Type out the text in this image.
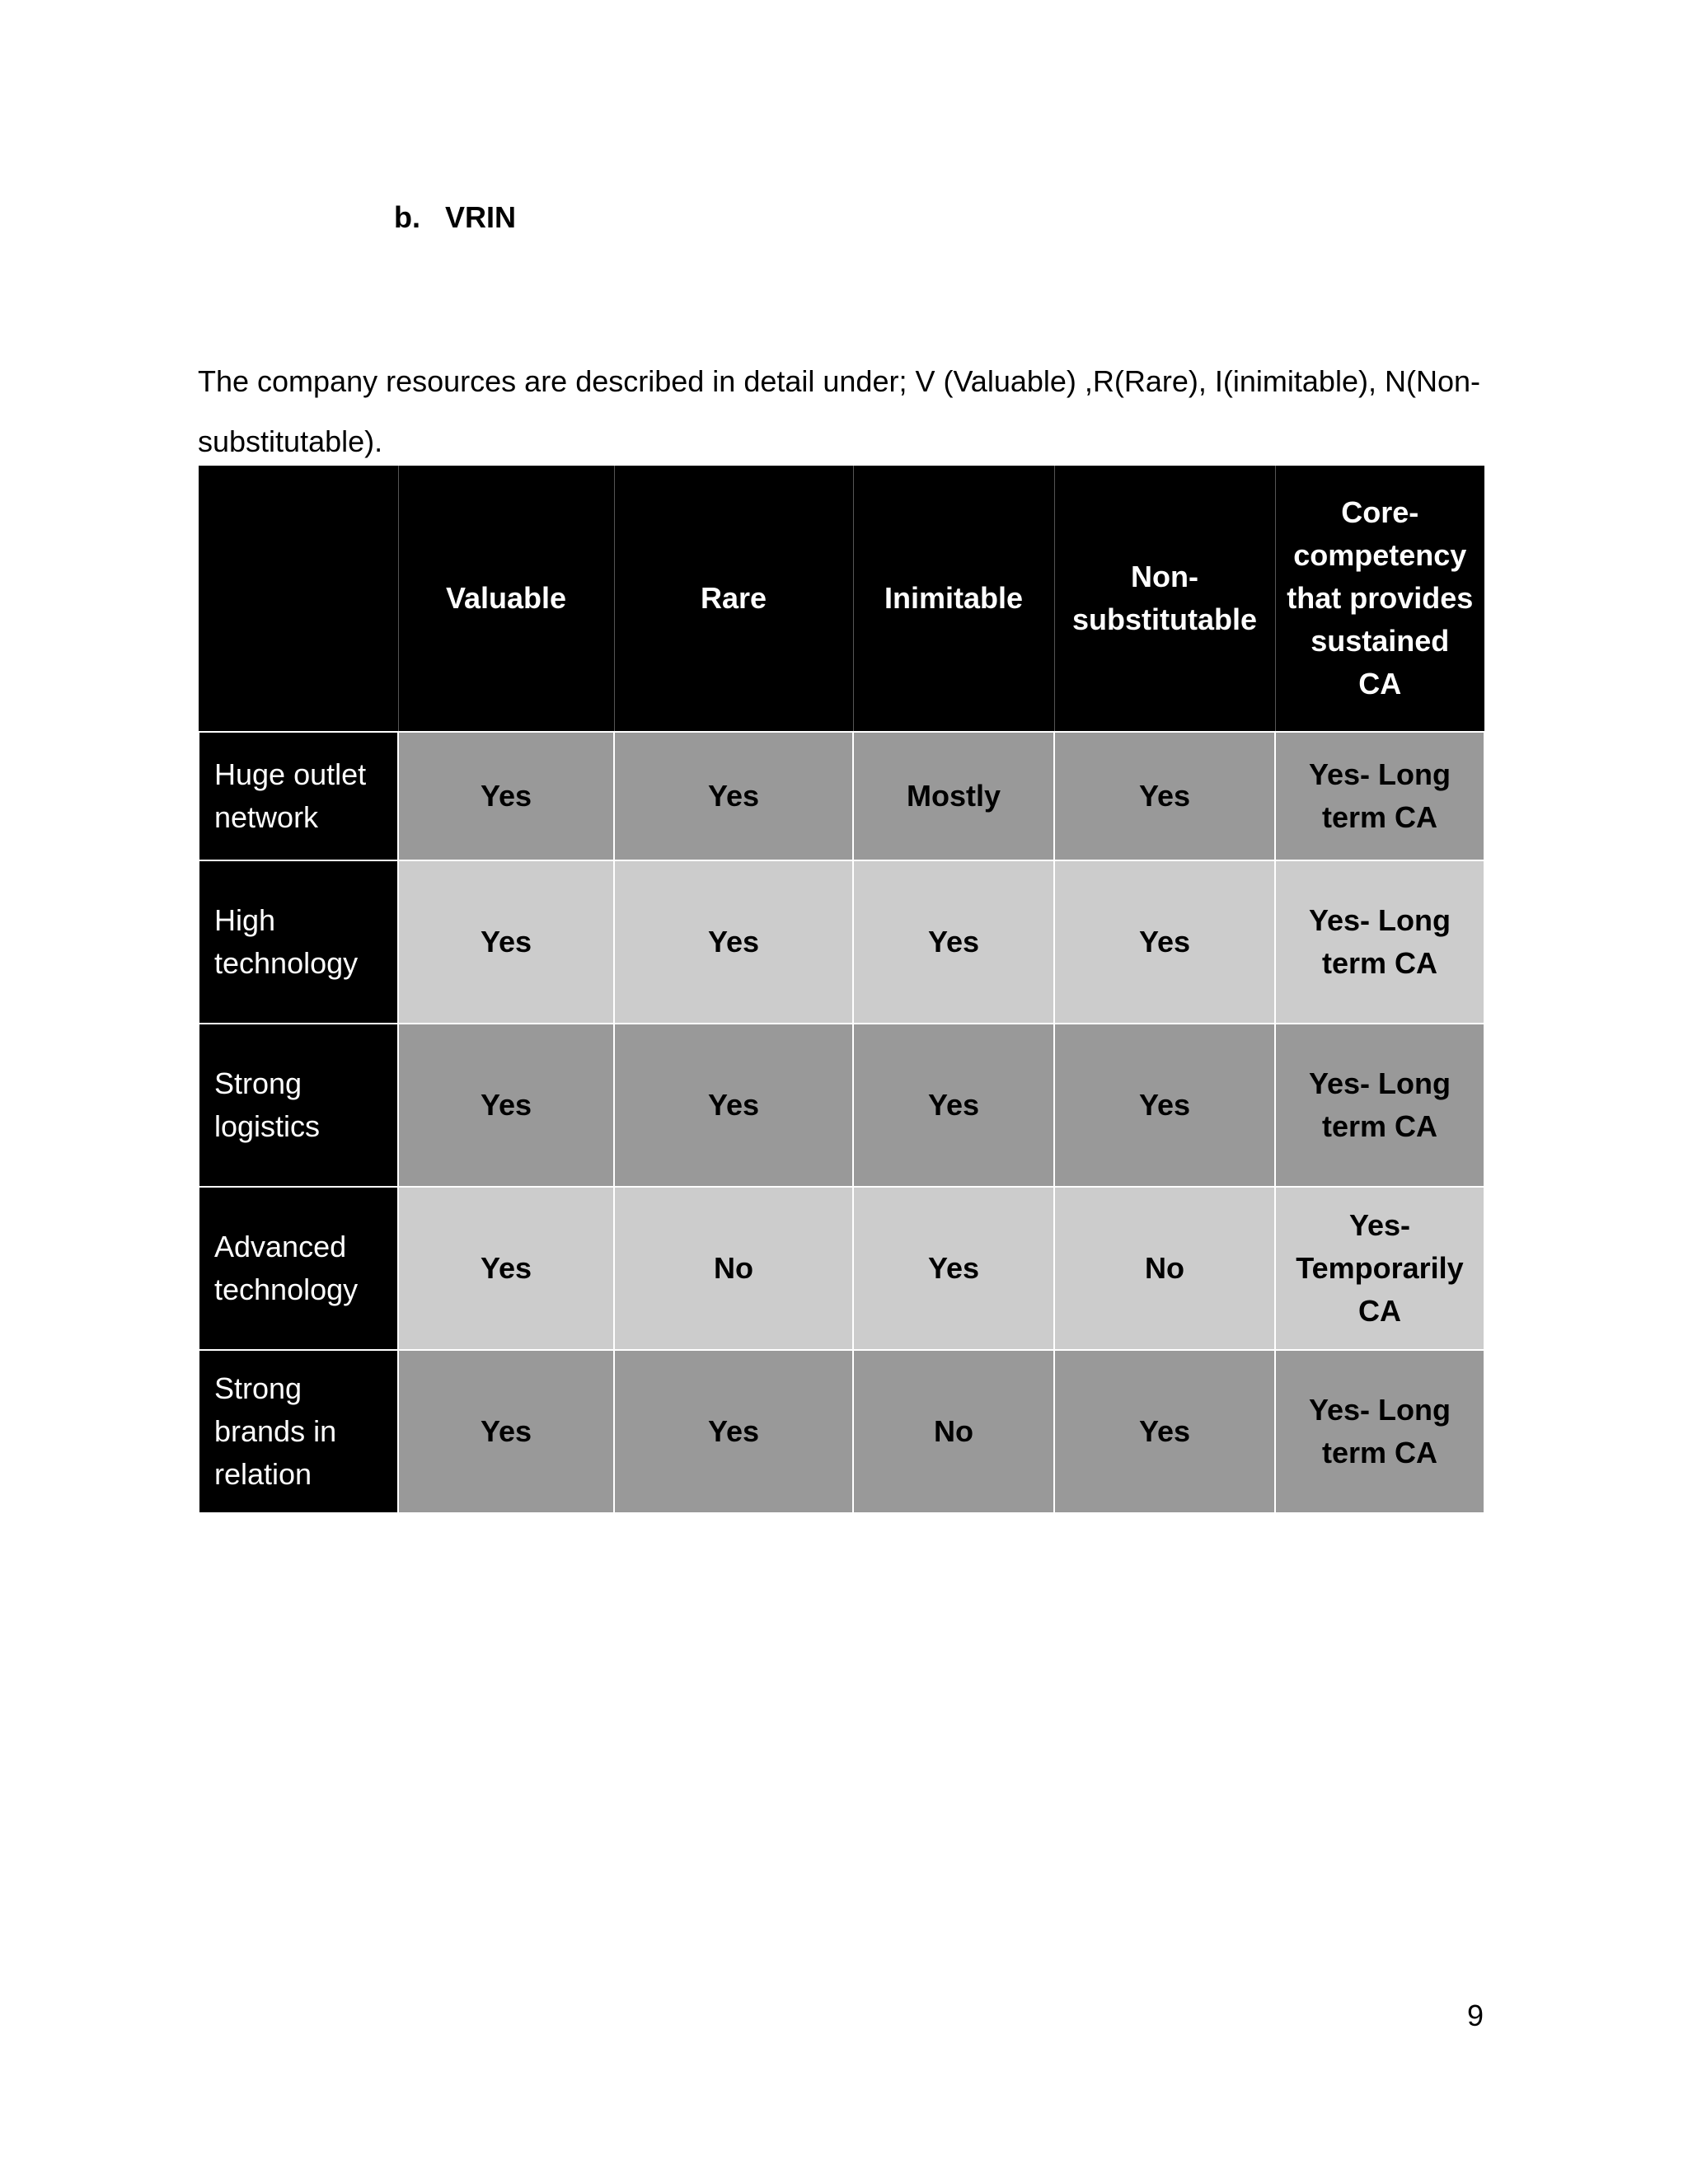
b. VRIN

The company resources are described in detail under; V (Valuable) ,R(Rare), I(inimitable), N(Non-substitutable).

	Valuable	Rare	Inimitable	Non-substitutable	Core-competency that provides sustained CA
Huge outlet network	Yes	Yes	Mostly	Yes	Yes- Long term CA
High technology	Yes	Yes	Yes	Yes	Yes- Long term CA
Strong logistics	Yes	Yes	Yes	Yes	Yes- Long term CA
Advanced technology	Yes	No	Yes	No	Yes- Temporarily CA
Strong brands in relation	Yes	Yes	No	Yes	Yes- Long term CA
9
